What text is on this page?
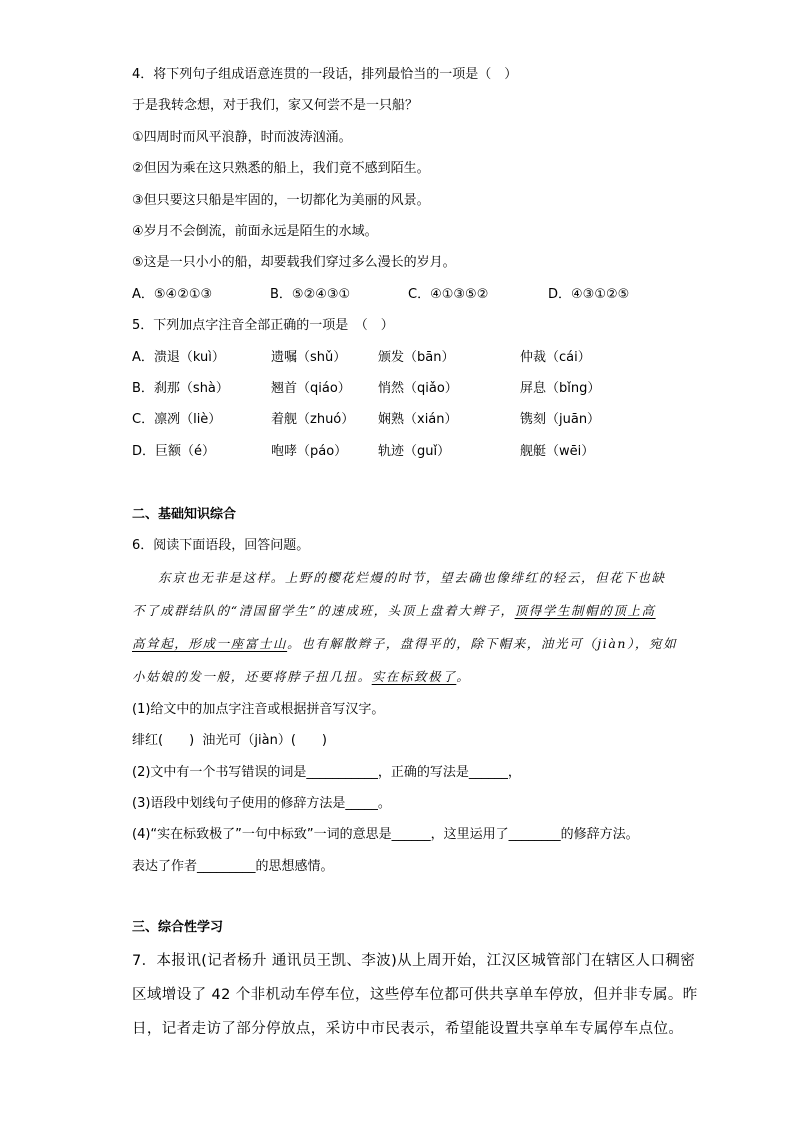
4．将下列句子组成语意连贯的一段话，排列最恰当的一项是（　）
于是我转念想，对于我们，家又何尝不是一只船？
①四周时而风平浪静，时而波涛汹涌。
②但因为乘在这只熟悉的船上，我们竟不感到陌生。
③但只要这只船是牢固的，一切都化为美丽的风景。
④岁月不会倒流，前面永远是陌生的水域。
⑤这是一只小小的船，却要载我们穿过多么漫长的岁月。
A．⑤④②①③	B．⑤②④③①	C．④①③⑤②	D．④③①②⑤
5．下列加点字注音全部正确的一项是　（　）
A．溃退（kuì）	遗嘱（shǔ）	颁发（bān）	仲裁（cái）
B．刹那（shà）	翘首（qiáo）	悄然（qiǎo）	屏息（bǐng）
C．凛冽（liè）	着舰（zhuó）	娴熟（xián）	镌刻（juān）
D．巨额（é）	咆哮（páo）	轨迹（guǐ）	舰艇（wēi）
二、基础知识综合
6．阅读下面语段，回答问题。
东京也无非是这样。上野的樱花烂熳的时节，望去确也像绯红的轻云，但花下也缺
不了成群结队的“清国留学生”的速成班，头顶上盘着大辫子，顶得学生制帽的顶上高
高耸起，形成一座富士山。也有解散辫子，盘得平的，除下帽来，油光可（jiàn），宛如
小姑娘的发一般，还要将脖子扭几扭。实在标致极了。
(1)给文中的加点字注音或根据拼音写汉字。
绯红(　　)  油光可（jiàn）(　　)
(2)文中有一个书写错误的词是___________，正确的写法是______，
(3)语段中划线句子使用的修辞方法是_____。
(4)“实在标致极了”一句中标致”一词的意思是______，这里运用了________的修辞方法。
表达了作者_________的思想感情。
三、综合性学习
7．本报讯(记者杨升 通讯员王凯、李波)从上周开始，江汉区城管部门在辖区人口稠密
区域增设了 42 个非机动车停车位，这些停车位都可供共享单车停放，但并非专属。昨
日，记者走访了部分停放点，采访中市民表示，希望能设置共享单车专属停车点位。
